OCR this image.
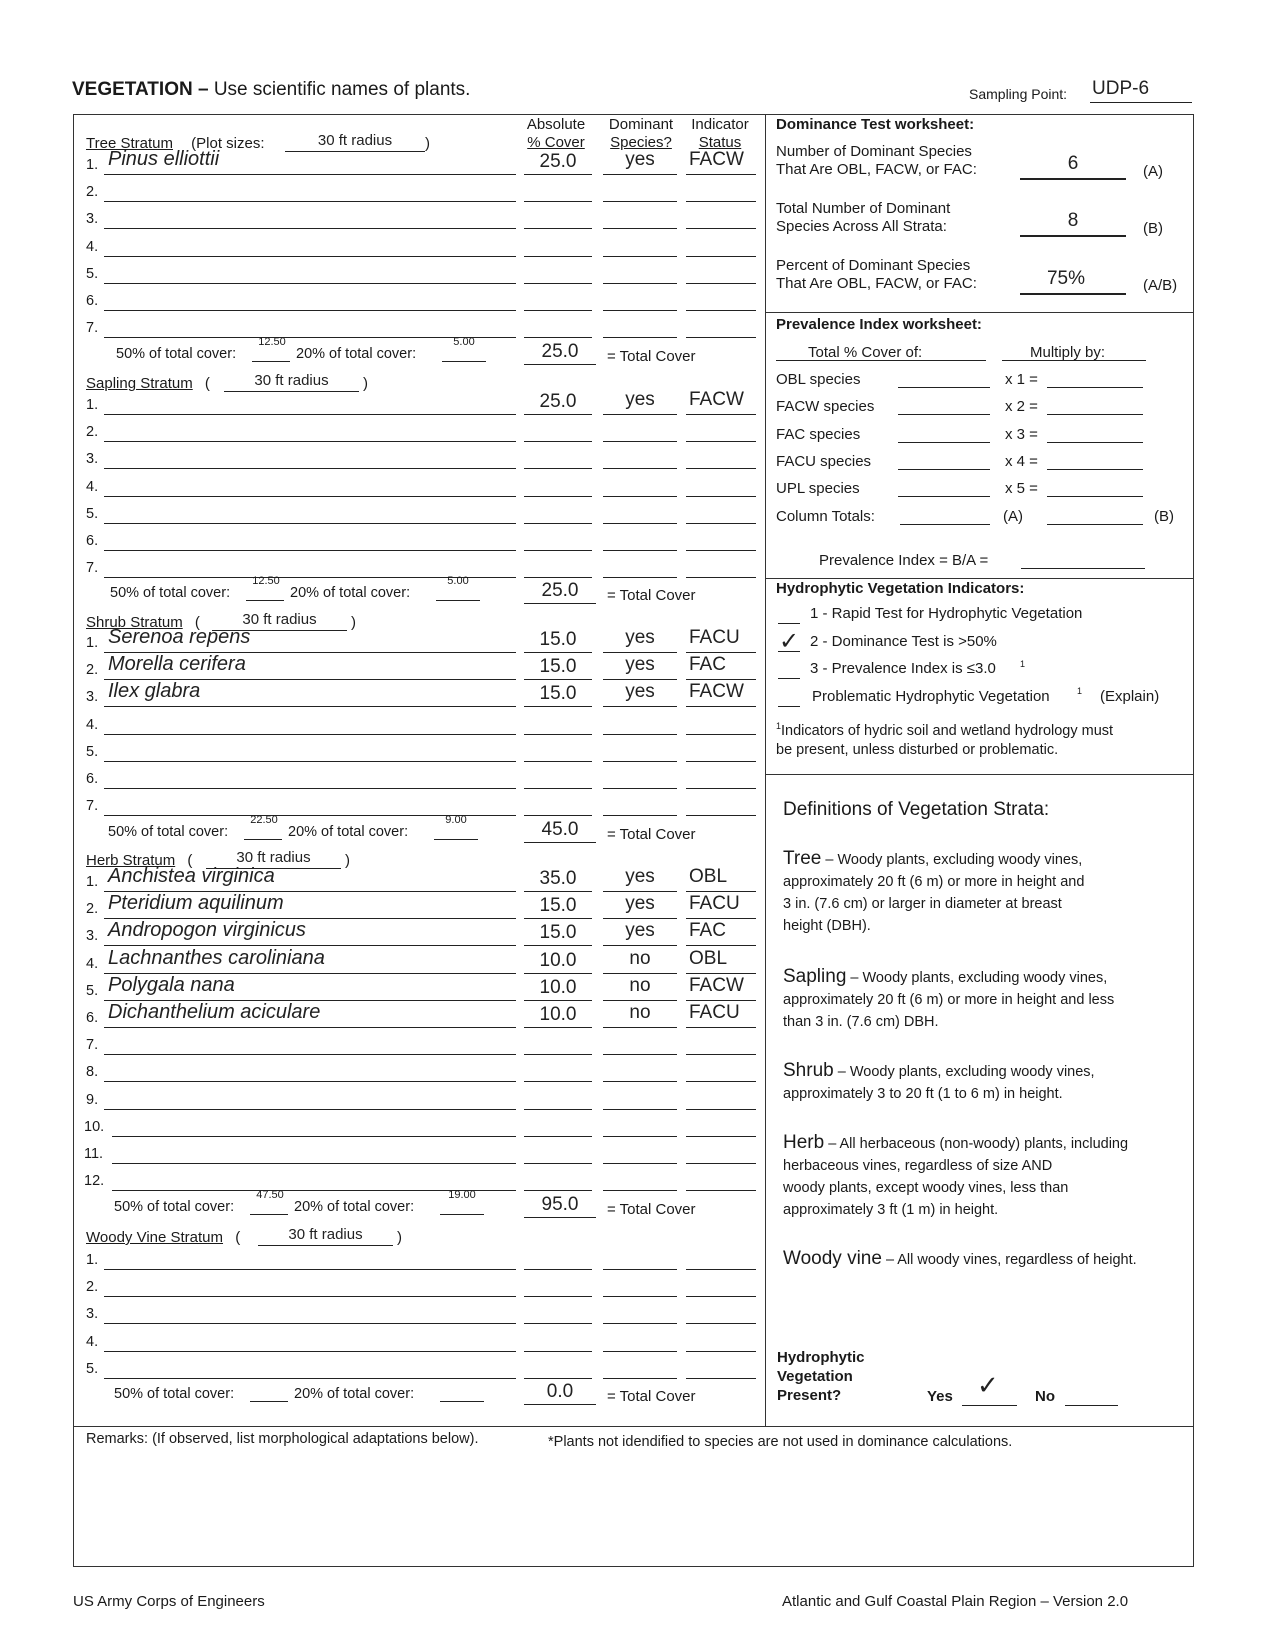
VEGETATION – Use scientific names of plants.	Sampling Point: UDP-6
Absolute
% Cover
Dominant
Species?
Indicator
Status
Tree Stratum (Plot sizes:	30 ft radius	)
Sapling Stratum (	30 ft radius	)
Shrub Stratum (	30 ft radius	)
Herb Stratum (	30 ft radius	)
Woody Vine Stratum (	30 ft radius	)
1. Pinus elliottii	25.0	yes	FACW
2.
3.
4.
5.
6.
7.
1.	25.0	yes	FACW
2.
3.
4.
5.
6.
7.
1. Serenoa repens	15.0	yes	FACU
2. Morella cerifera	15.0	yes	FAC
3. Ilex glabra	15.0	yes	FACW
4.
5.
6.
7.
1. Anchistea virginica	35.0	yes	OBL
2. Pteridium aquilinum	15.0	yes	FACU
3. Andropogon virginicus	15.0	yes	FAC
4. Lachnanthes caroliniana	10.0	no	OBL
5. Polygala nana	10.0	no	FACW
6. Dichanthelium aciculare	10.0	no	FACU
7.
8.
9.
10.
11.
12.
1.
2.
3.
4.
5.
50% of total cover:
12.50
20% of total cover:
5.00	25.0	= Total Cover
50% of total cover:
12.50
20% of total cover:
5.00	25.0	= Total Cover
50% of total cover:
22.50
20% of total cover:
9.00	45.0	= Total Cover
50% of total cover:
47.50
20% of total cover:
19.00	95.0	= Total Cover
50% of total cover:	20% of total cover:	0.0	= Total Cover
Dominance Test worksheet:
Number of Dominant Species
That Are OBL, FACW, or FAC:	6	(A)
Total Number of Dominant
Species Across All Strata:	8	(B)
Percent of Dominant Species
That Are OBL, FACW, or FAC:	75%	(A/B)
Prevalence Index worksheet:
Total % Cover of:	Multiply by:
OBL species	x 1 =
FACW species	x 2 =
FAC species	x 3 =
FACU species	x 4 =
UPL species	x 5 =
Column Totals:	(A)	(B)
Prevalence Index = B/A =
Hydrophytic Vegetation Indicators:
1 - Rapid Test for Hydrophytic Vegetation
✓ 2 - Dominance Test is >50%
3 - Prevalence Index is ≤3.0
Problematic Hydrophytic Vegetation
1
1 (Explain)
$^1$Indicators of hydric soil and wetland hydrology must
be present, unless disturbed or problematic.
Definitions of Vegetation Strata:
Tree – Woody plants, excluding woody vines,
approximately 20 ft (6 m) or more in height and
3 in. (7.6 cm) or larger in diameter at breast
height (DBH).
Sapling – Woody plants, excluding woody vines,
approximately 20 ft (6 m) or more in height and less
than 3 in. (7.6 cm) DBH.
Shrub – Woody plants, excluding woody vines,
approximately 3 to 20 ft (1 to 6 m) in height.
Herb – All herbaceous (non-woody) plants, including
herbaceous vines, regardless of size AND
woody plants, except woody vines, less than
approximately 3 ft (1 m) in height.
Woody vine – All woody vines, regardless of height.
Hydrophytic
Vegetation
Present?	Yes ✓ No
Remarks: (If observed, list morphological adaptations below).	*Plants not idendified to species are not used in dominance calculations.
US Army Corps of Engineers	Atlantic and Gulf Coastal Plain Region – Version 2.0
